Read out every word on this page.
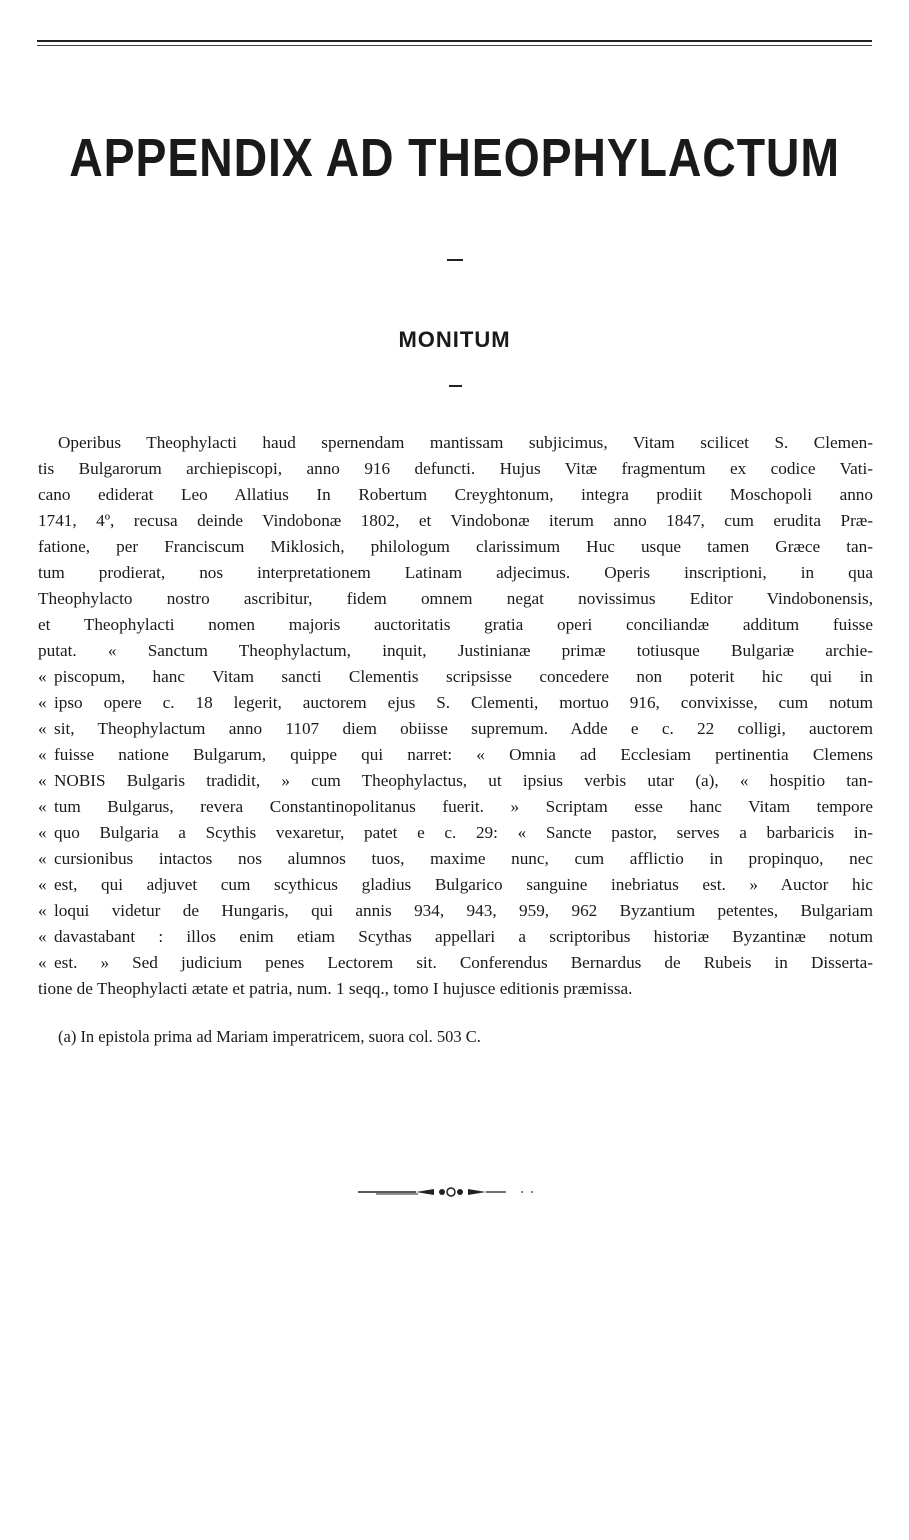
APPENDIX AD THEOPHYLACTUM
MONITUM
Operibus Theophylacti haud spernendam mantissam subjicimus, Vitam scilicet S. Clemen-
tis Bulgarorum archiepiscopi, anno 916 defuncti. Hujus Vitæ fragmentum ex codice Vati-
cano ediderat Leo Allatius In Robertum Creyghtonum, integra prodiit Moschopoli anno
1741, 4º, recusa deinde Vindobonæ 1802, et Vindobonæ iterum anno 1847, cum erudita Præ-
fatione, per Franciscum Miklosich, philologum clarissimum Huc usque tamen Græce tan-
tum prodierat, nos interpretationem Latinam adjecimus. Operis inscriptioni, in qua
Theophylacto nostro ascribitur, fidem omnem negat novissimus Editor Vindobonensis,
et Theophylacti nomen majoris auctoritatis gratia operi conciliandæ additum fuisse
putat. « Sanctum Theophylactum, inquit, Justinianæ primæ totiusque Bulgariæ archie-
« piscopum, hanc Vitam sancti Clementis scripsisse concedere non poterit hic qui in
« ipso opere c. 18 legerit, auctorem ejus S. Clementi, mortuo 916, convixisse, cum notum
« sit, Theophylactum anno 1107 diem obiisse supremum. Adde e c. 22 colligi, auctorem
« fuisse natione Bulgarum, quippe qui narret: « Omnia ad Ecclesiam pertinentia Clemens
« NOBIS Bulgaris tradidit, » cum Theophylactus, ut ipsius verbis utar (a), « hospitio tan-
« tum Bulgarus, revera Constantinopolitanus fuerit. » Scriptam esse hanc Vitam tempore
« quo Bulgaria a Scythis vexaretur, patet e c. 29: « Sancte pastor, serves a barbaricis in-
« cursionibus intactos nos alumnos tuos, maxime nunc, cum afflictio in propinquo, nec
« est, qui adjuvet cum scythicus gladius Bulgarico sanguine inebriatus est. » Auctor hic
« loqui videtur de Hungaris, qui annis 934, 943, 959, 962 Byzantium petentes, Bulgariam
« davastabant : illos enim etiam Scythas appellari a scriptoribus historiæ Byzantinæ notum
« est. » Sed judicium penes Lectorem sit. Conferendus Bernardus de Rubeis in Disserta-
tione de Theophylacti ætate et patria, num. 1 seqq., tomo I hujusce editionis præmissa.
(a) In epistola prima ad Mariam imperatricem, suora col. 503 C.
